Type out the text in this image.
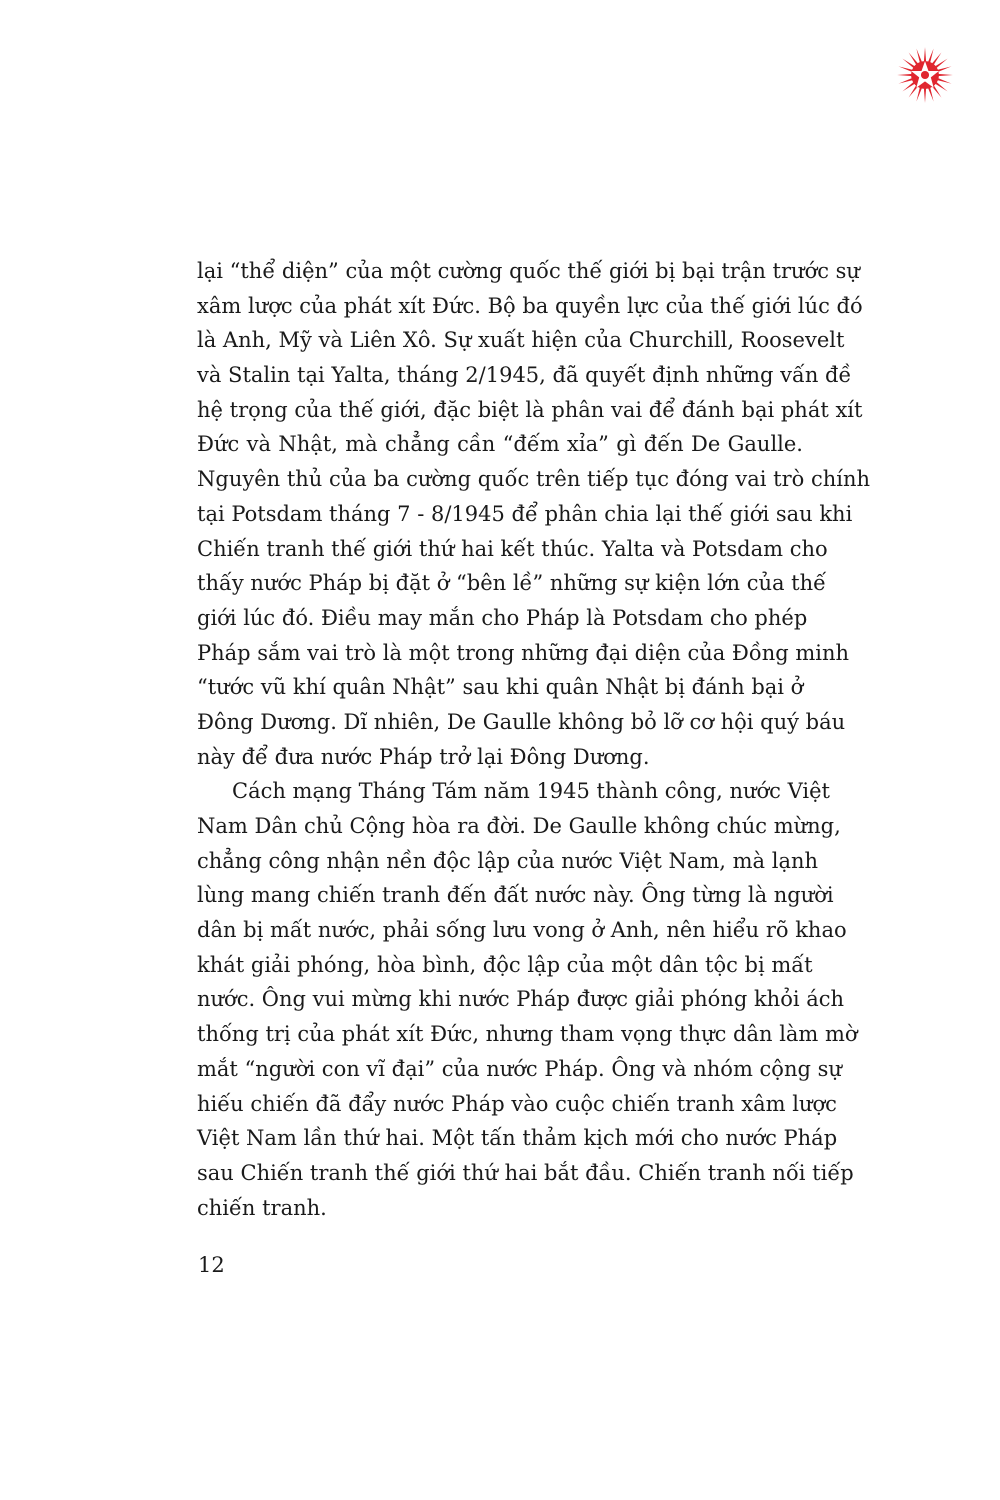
lại “thể diện” của một cường quốc thế giới bị bại trận trước sự
xâm lược của phát xít Đức. Bộ ba quyền lực của thế giới lúc đó
là Anh, Mỹ và Liên Xô. Sự xuất hiện của Churchill, Roosevelt
và Stalin tại Yalta, tháng 2/1945, đã quyết định những vấn đề
hệ trọng của thế giới, đặc biệt là phân vai để đánh bại phát xít
Đức và Nhật, mà chẳng cần “đếm xỉa” gì đến De Gaulle.
Nguyên thủ của ba cường quốc trên tiếp tục đóng vai trò chính
tại Potsdam tháng 7 - 8/1945 để phân chia lại thế giới sau khi
Chiến tranh thế giới thứ hai kết thúc. Yalta và Potsdam cho
thấy nước Pháp bị đặt ở “bên lề” những sự kiện lớn của thế
giới lúc đó. Điều may mắn cho Pháp là Potsdam cho phép
Pháp sắm vai trò là một trong những đại diện của Đồng minh
“tước vũ khí quân Nhật” sau khi quân Nhật bị đánh bại ở
Đông Dương. Dĩ nhiên, De Gaulle không bỏ lỡ cơ hội quý báu
này để đưa nước Pháp trở lại Đông Dương.
Cách mạng Tháng Tám năm 1945 thành công, nước Việt
Nam Dân chủ Cộng hòa ra đời. De Gaulle không chúc mừng,
chẳng công nhận nền độc lập của nước Việt Nam, mà lạnh
lùng mang chiến tranh đến đất nước này. Ông từng là người
dân bị mất nước, phải sống lưu vong ở Anh, nên hiểu rõ khao
khát giải phóng, hòa bình, độc lập của một dân tộc bị mất
nước. Ông vui mừng khi nước Pháp được giải phóng khỏi ách
thống trị của phát xít Đức, nhưng tham vọng thực dân làm mờ
mắt “người con vĩ đại” của nước Pháp. Ông và nhóm cộng sự
hiếu chiến đã đẩy nước Pháp vào cuộc chiến tranh xâm lược
Việt Nam lần thứ hai. Một tấn thảm kịch mới cho nước Pháp
sau Chiến tranh thế giới thứ hai bắt đầu. Chiến tranh nối tiếp
chiến tranh.
12
